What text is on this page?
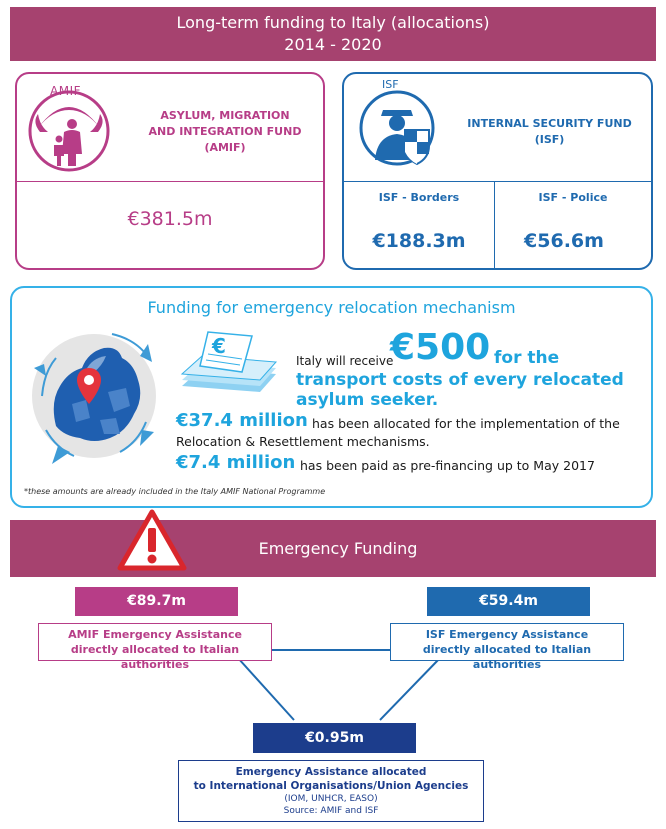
Long-term funding to Italy (allocations)
2014 - 2020
AMIF
ASYLUM, MIGRATION
AND INTEGRATION FUND
(AMIF)
€381.5m
ISF
INTERNAL SECURITY FUND
(ISF)
ISF - Borders	ISF - Police
€188.3m	€56.6m
Funding for emergency relocation mechanism
€
Italy will receive
€500 for the
transport costs of every relocated
asylum seeker.
€37.4 million has been allocated for the implementation of the
Relocation & Resettlement mechanisms.
€7.4 million has been paid as pre-financing up to May 2017
*these amounts are already included in the Italy AMIF National Programme
Emergency Funding
€89.7m
AMIF Emergency Assistance
directly allocated to Italian authorities
€59.4m
ISF Emergency Assistance
directly allocated to Italian authorities
€0.95m
Emergency Assistance allocated
to International Organisations/Union Agencies
(IOM, UNHCR, EASO)
Source: AMIF and ISF
